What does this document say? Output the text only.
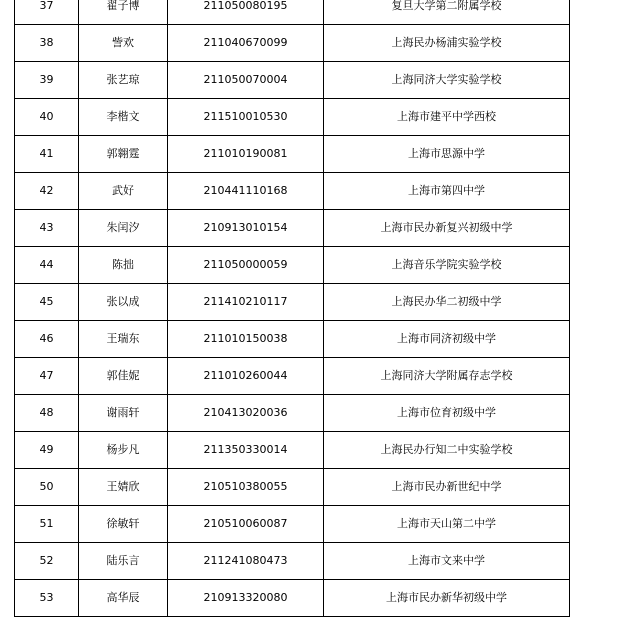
37	翟子博	211050080195	复旦大学第二附属学校
38	訾欢	211040670099	上海民办杨浦实验学校
39	张艺琼	211050070004	上海同济大学实验学校
40	李楷文	211510010530	上海市建平中学西校
41	郭翱霆	211010190081	上海市思源中学
42	武好	210441110168	上海市第四中学
43	朱闰汐	210913010154	上海市民办新复兴初级中学
44	陈拙	211050000059	上海音乐学院实验学校
45	张以成	211410210117	上海民办华二初级中学
46	王瑞东	211010150038	上海市同济初级中学
47	郭佳妮	211010260044	上海同济大学附属存志学校
48	谢雨轩	210413020036	上海市位育初级中学
49	杨步凡	211350330014	上海民办行知二中实验学校
50	王婧欣	210510380055	上海市民办新世纪中学
51	徐敏轩	210510060087	上海市天山第二中学
52	陆乐言	211241080473	上海市文来中学
53	高华辰	210913320080	上海市民办新华初级中学
